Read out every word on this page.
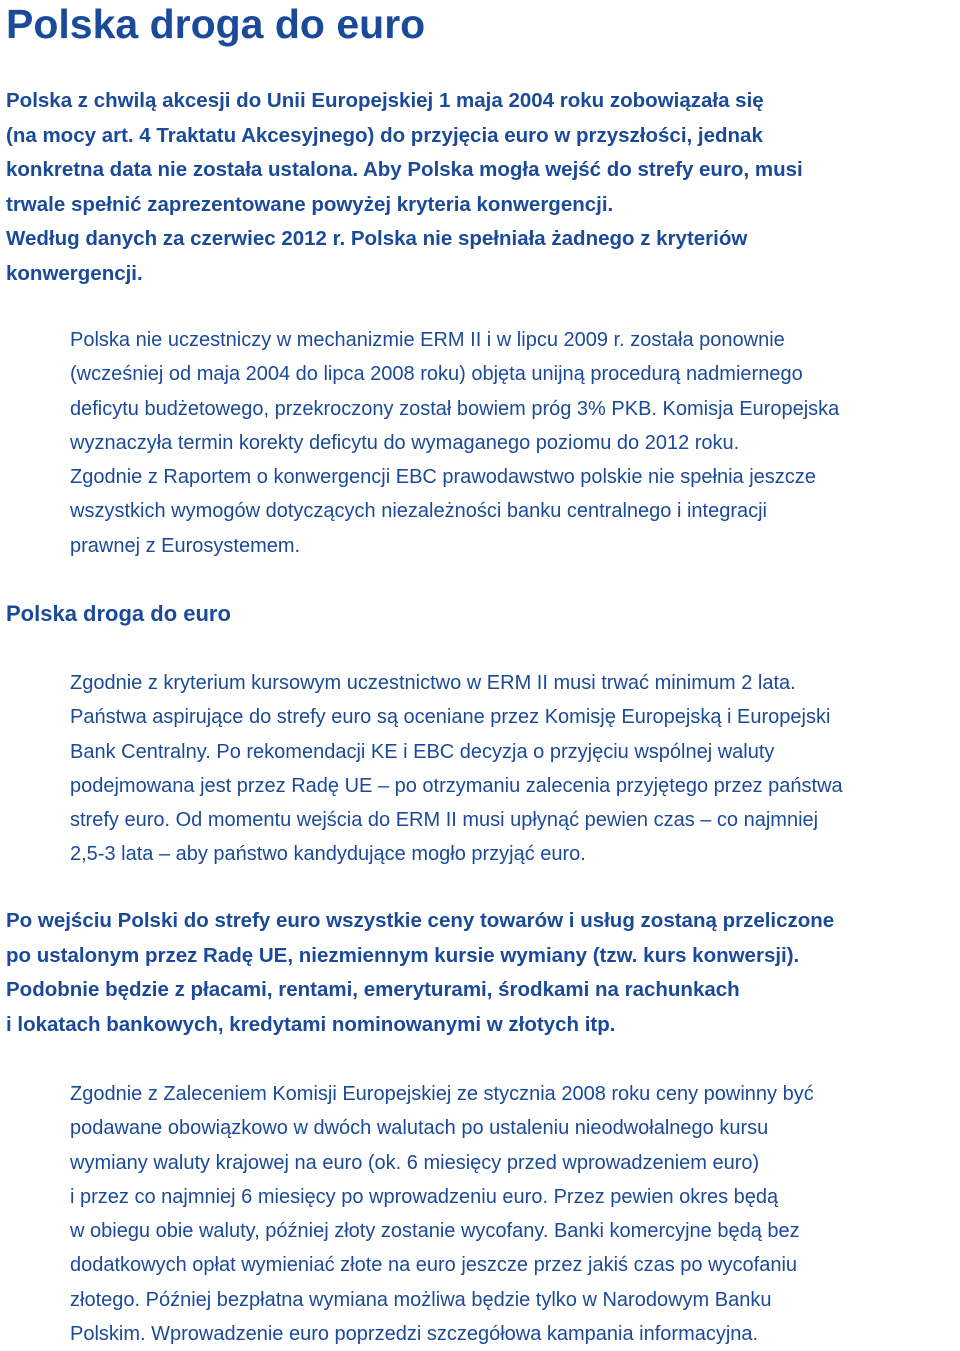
Polska droga do euro
Polska z chwilą akcesji do Unii Europejskiej 1 maja 2004 roku zobowiązała się
(na mocy art. 4 Traktatu Akcesyjnego) do przyjęcia euro w przyszłości, jednak
konkretna data nie została ustalona. Aby Polska mogła wejść do strefy euro, musi
trwale spełnić zaprezentowane powyżej kryteria konwergencji.
Według danych za czerwiec 2012 r. Polska nie spełniała żadnego z kryteriów
konwergencji.
Polska nie uczestniczy w mechanizmie ERM II i w lipcu 2009 r. została ponownie
(wcześniej od maja 2004 do lipca 2008 roku) objęta unijną procedurą nadmiernego
deficytu budżetowego, przekroczony został bowiem próg 3% PKB. Komisja Europejska
wyznaczyła termin korekty deficytu do wymaganego poziomu do 2012 roku.
Zgodnie z Raportem o konwergencji EBC prawodawstwo polskie nie spełnia jeszcze
wszystkich wymogów dotyczących niezależności banku centralnego i integracji
prawnej z Eurosystemem.
Polska droga do euro
Zgodnie z kryterium kursowym uczestnictwo w ERM II musi trwać minimum 2 lata.
Państwa aspirujące do strefy euro są oceniane przez Komisję Europejską i Europejski
Bank Centralny. Po rekomendacji KE i EBC decyzja o przyjęciu wspólnej waluty
podejmowana jest przez Radę UE – po otrzymaniu zalecenia przyjętego przez państwa
strefy euro. Od momentu wejścia do ERM II musi upłynąć pewien czas – co najmniej
2,5-3 lata – aby państwo kandydujące mogło przyjąć euro.
Po wejściu Polski do strefy euro wszystkie ceny towarów i usług zostaną przeliczone
po ustalonym przez Radę UE, niezmiennym kursie wymiany (tzw. kurs konwersji).
Podobnie będzie z płacami, rentami, emeryturami, środkami na rachunkach
i lokatach bankowych, kredytami nominowanymi w złotych itp.
Zgodnie z Zaleceniem Komisji Europejskiej ze stycznia 2008 roku ceny powinny być
podawane obowiązkowo w dwóch walutach po ustaleniu nieodwołalnego kursu
wymiany waluty krajowej na euro (ok. 6 miesięcy przed wprowadzeniem euro)
i przez co najmniej 6 miesięcy po wprowadzeniu euro. Przez pewien okres będą
w obiegu obie waluty, później złoty zostanie wycofany. Banki komercyjne będą bez
dodatkowych opłat wymieniać złote na euro jeszcze przez jakiś czas po wycofaniu
złotego. Później bezpłatna wymiana możliwa będzie tylko w Narodowym Banku
Polskim. Wprowadzenie euro poprzedzi szczegółowa kampania informacyjna.
